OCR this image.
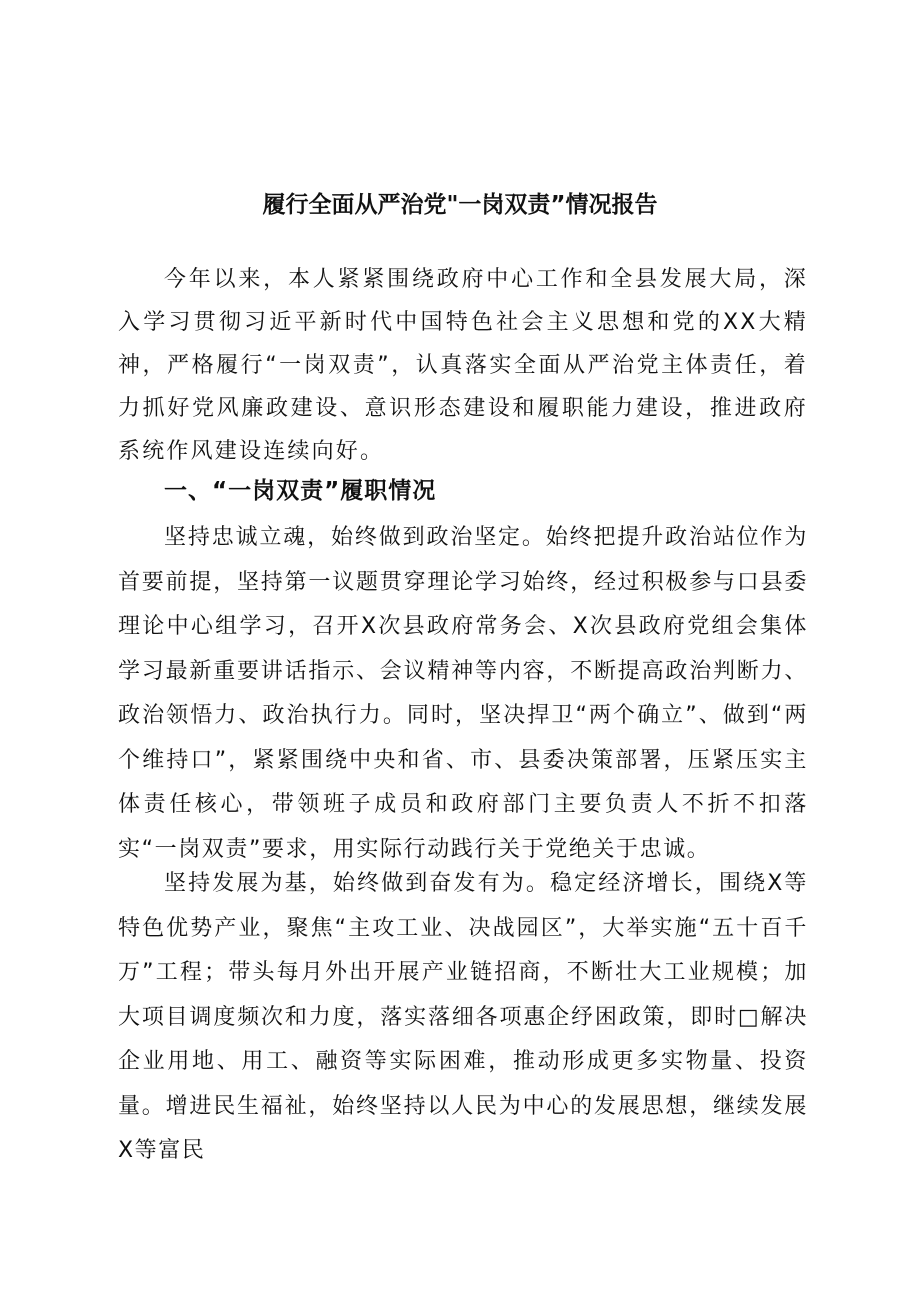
履行全面从严治党"一岗双责”情况报告

今年以来，本人紧紧围绕政府中心工作和全县发展大局，深入学习贯彻习近平新时代中国特色社会主义思想和党的XX大精神，严格履行“一岗双责”，认真落实全面从严治党主体责任，着力抓好党风廉政建设、意识形态建设和履职能力建设，推进政府系统作风建设连续向好。

一、“一岗双责”履职情况

坚持忠诚立魂，始终做到政治坚定。始终把提升政治站位作为首要前提，坚持第一议题贯穿理论学习始终，经过积极参与口县委理论中心组学习，召开X次县政府常务会、X次县政府党组会集体学习最新重要讲话指示、会议精神等内容，不断提高政治判断力、政治领悟力、政治执行力。同时，坚决捍卫“两个确立”、做到“两个维持口”，紧紧围绕中央和省、市、县委决策部署，压紧压实主体责任核心，带领班子成员和政府部门主要负责人不折不扣落实“一岗双责”要求，用实际行动践行关于党绝关于忠诚。

坚持发展为基，始终做到奋发有为。稳定经济增长，围绕X等特色优势产业，聚焦“主攻工业、决战园区”，大举实施“五十百千万”工程；带头每月外出开展产业链招商，不断壮大工业规模；加大项目调度频次和力度，落实落细各项惠企纾困政策，即时□解决企业用地、用工、融资等实际困难，推动形成更多实物量、投资量。增进民生福祉，始终坚持以人民为中心的发展思想，继续发展X等富民
